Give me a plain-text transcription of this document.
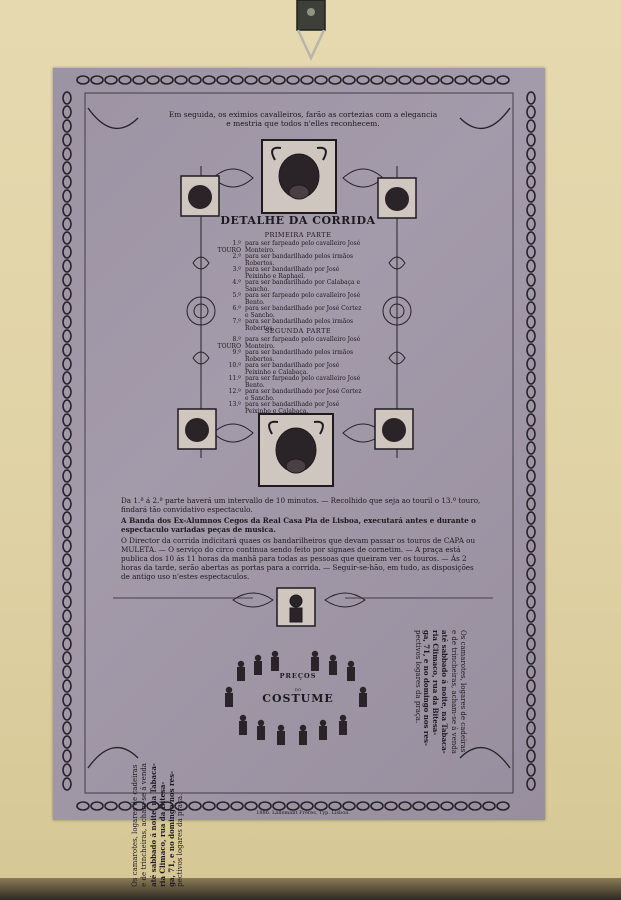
Em seguida, os eximios cavalleiros, farão as cortezias com a elegancia
e mestria que todos n'elles reconhecem.
DETALHE DA CORRIDA
PRIMEIRA PARTE
1.º TOURO
para ser farpeado pelo cavalleiro José Monteiro.
2.º para ser bandarilhado pelos irmãos Robertos.
3.º para ser bandarilhado por José Peixinho e Raphael.
4.º para ser bandarilhado por Calabaça e Sancho.
5.º para ser farpeado pelo cavalleiro José Bento.
6.º para ser bandarilhado por José Cortez e Sancho.
7.º para ser bandarilhado pelos irmãos Robertos.
SEGUNDA PARTE
8.º TOURO
para ser farpeado pelo cavalleiro José Monteiro.
9.º para ser bandarilhado pelos irmãos Robertos.
10.º para ser bandarilhado por José Peixinho e Calabaça.
11.º para ser farpeado pelo cavalleiro José Bento.
12.º para ser bandarilhado por José Cortez e Sancho.
13.º para ser bandarilhado por José Peixinho e Calabaça.
Da 1.ª á 2.ª parte haverá um intervallo de 10 minutos. — Recolhido que seja ao touril o 13.º touro, findará tão convidativo espectaculo.
A Banda dos Ex-Alumnos Cegos da Real Casa Pia de Lisboa, executará antes e durante o espectaculo variadas peças de musica.
O Director da corrida indicitará quaes os bandarilheiros que devam passar os touros de CAPA ou MULETA. — O serviço do circo continua sendo feito por signaes de cornetim. — A praça está publica dos 10 ás 11 horas da manhã para todas as pessoas que queiram ver os touros. — Ás 2 horas da tarde, serão abertas as portas para a corrida. — Seguir-se-hão, em tudo, as disposições de antigo uso n'estes espectaculos.
PREÇOS
DO
COSTUME
Os camarotes, logares de cadeiras e de trincheiras, acham-se á venda até sabbado á noite, na Tabaca- ria Climaco, rua da Bitesa- ga, 71, e no domingo nos res- pectivos logares da praça.
Os camarotes, logares de cadeiras
e de trincheiras, acham-se á venda
até sabbado á noite, na Tabaca-
ria Climaco, rua da Bitesa-
ga, 71, e no domingo nos res-
pectivos logares da praça.
1886. Lallemant Frères, Typ. Lisboa.
